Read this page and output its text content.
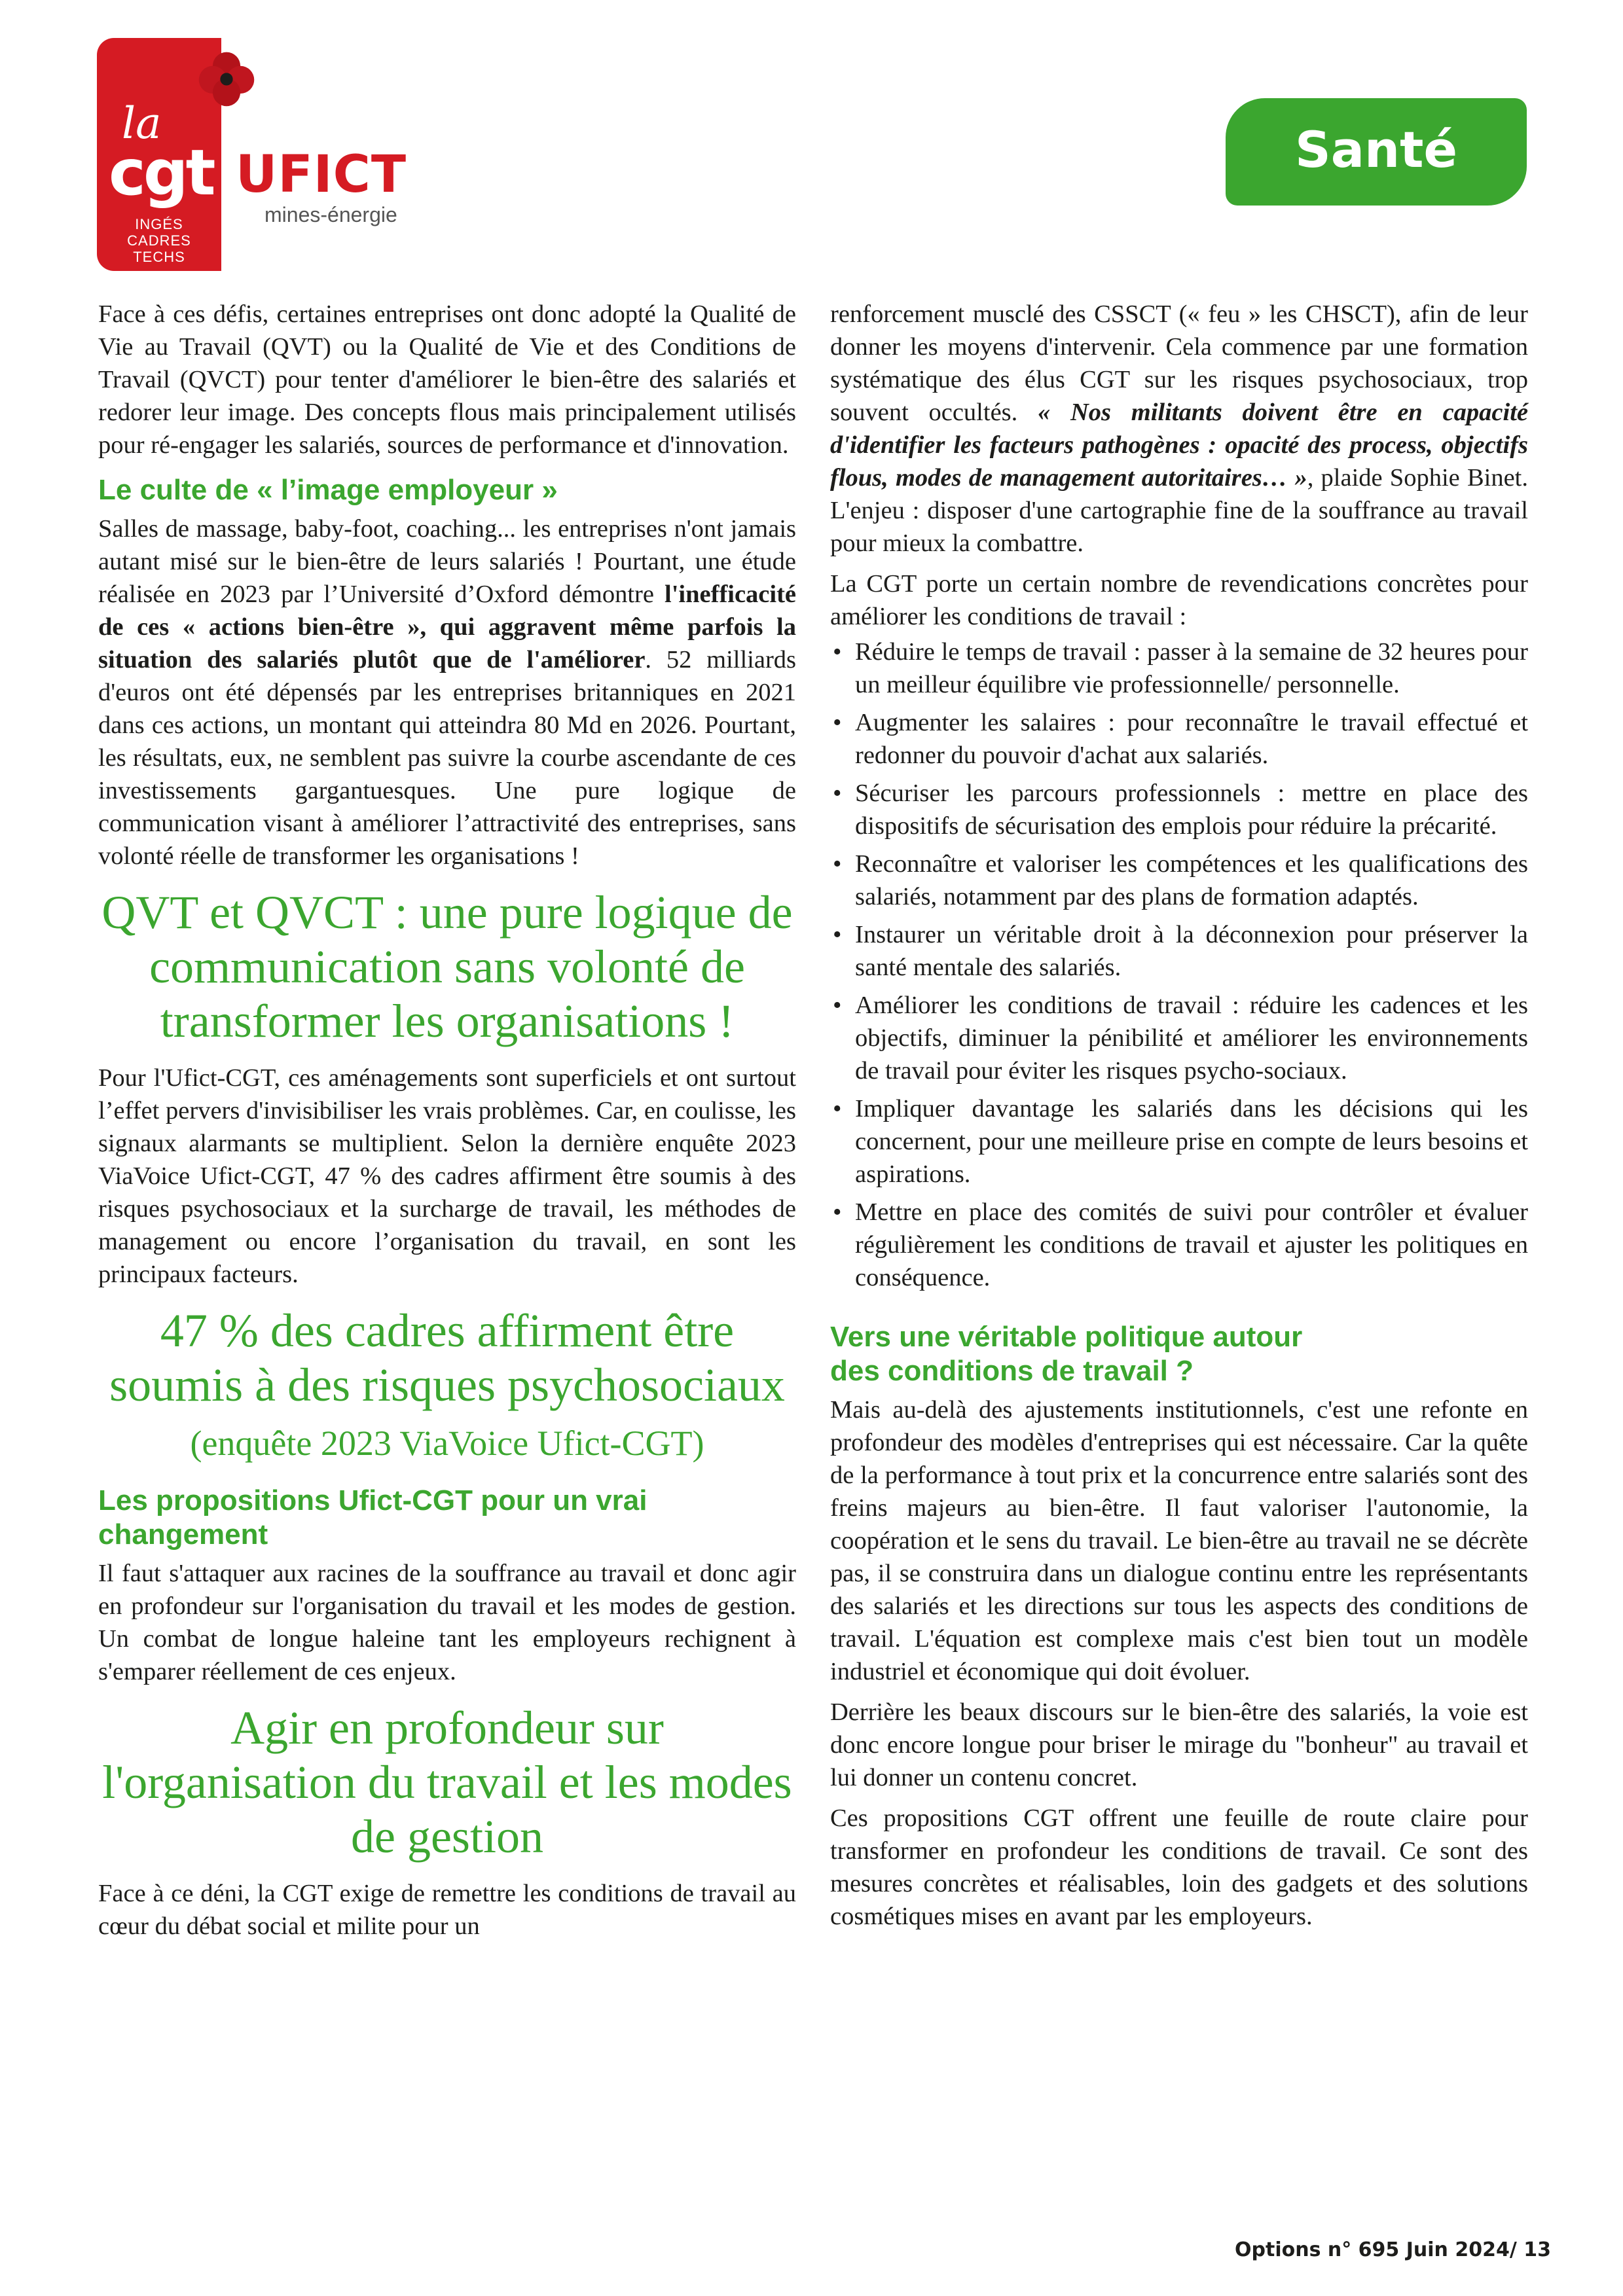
la
cgt
INGÉS
CADRES
TECHS
UFICT
mines-énergie
Santé

Face à ces défis, certaines entreprises ont donc adopté la Qualité de Vie au Travail (QVT) ou la Qualité de Vie et des Conditions de Travail (QVCT) pour tenter d'améliorer le bien-être des salariés et redorer leur image. Des concepts flous mais principalement utilisés pour ré-engager les salariés, sources de performance et d'innovation.

Le culte de « l’image employeur »

Salles de massage, baby-foot, coaching... les entreprises n'ont jamais autant misé sur le bien-être de leurs salariés ! Pourtant, une étude réalisée en 2023 par l’Université d’Oxford démontre l'inefficacité de ces « actions bien-être », qui aggravent même parfois la situation des salariés plutôt que de l'améliorer. 52 milliards d'euros ont été dépensés par les entreprises britanniques en 2021 dans ces actions, un montant qui atteindra 80 Md en 2026. Pourtant, les résultats, eux, ne semblent pas suivre la courbe ascendante de ces investissements gargantuesques. Une pure logique de communication visant à améliorer l’attractivité des entreprises, sans volonté réelle de transformer les organisations !

QVT et QVCT : une pure logique de communication sans volonté de transformer les organisations !

Pour l'Ufict-CGT, ces aménagements sont superficiels et ont surtout l’effet pervers d'invisibiliser les vrais problèmes. Car, en coulisse, les signaux alarmants se multiplient. Selon la dernière enquête 2023 ViaVoice Ufict-CGT, 47 % des cadres affirment être soumis à des risques psychosociaux et la surcharge de travail, les méthodes de management ou encore l’organisation du travail, en sont les principaux facteurs.

47 % des cadres affirment être soumis à des risques psychosociaux (enquête 2023 ViaVoice Ufict-CGT)
Les propositions Ufict-CGT pour un vrai changement

Il faut s'attaquer aux racines de la souffrance au travail et donc agir en profondeur sur l'organisation du travail et les modes de gestion. Un combat de longue haleine tant les employeurs rechignent à s'emparer réellement de ces enjeux.

Agir en profondeur sur l'organisation du travail et les modes de gestion

Face à ce déni, la CGT exige de remettre les conditions de travail au cœur du débat social et milite pour un

renforcement musclé des CSSCT (« feu » les CHSCT), afin de leur donner les moyens d'intervenir. Cela commence par une formation systématique des élus CGT sur les risques psychosociaux, trop souvent occultés. « Nos militants doivent être en capacité d'identifier les facteurs pathogènes : opacité des process, objectifs flous, modes de management autoritaires… », plaide Sophie Binet. L'enjeu : disposer d'une cartographie fine de la souffrance au travail pour mieux la combattre.

La CGT porte un certain nombre de revendications concrètes pour améliorer les conditions de travail :

• Réduire le temps de travail : passer à la semaine de 32 heures pour un meilleur équilibre vie professionnelle/ personnelle.
• Augmenter les salaires : pour reconnaître le travail effectué et redonner du pouvoir d'achat aux salariés.
• Sécuriser les parcours professionnels : mettre en place des dispositifs de sécurisation des emplois pour réduire la précarité.
• Reconnaître et valoriser les compétences et les qualifications des salariés, notamment par des plans de formation adaptés.
• Instaurer un véritable droit à la déconnexion pour préserver la santé mentale des salariés.
• Améliorer les conditions de travail : réduire les cadences et les objectifs, diminuer la pénibilité et améliorer les environnements de travail pour éviter les risques psycho-sociaux.
• Impliquer davantage les salariés dans les décisions qui les concernent, pour une meilleure prise en compte de leurs besoins et aspirations.
• Mettre en place des comités de suivi pour contrôler et évaluer régulièrement les conditions de travail et ajuster les politiques en conséquence.
Vers une véritable politique autour
des conditions de travail ?

Mais au-delà des ajustements institutionnels, c'est une refonte en profondeur des modèles d'entreprises qui est nécessaire. Car la quête de la performance à tout prix et la concurrence entre salariés sont des freins majeurs au bien-être. Il faut valoriser l'autonomie, la coopération et le sens du travail. Le bien-être au travail ne se décrète pas, il se construira dans un dialogue continu entre les représentants des salariés et les directions sur tous les aspects des conditions de travail. L'équation est complexe mais c'est bien tout un modèle industriel et économique qui doit évoluer.

Derrière les beaux discours sur le bien-être des salariés, la voie est donc encore longue pour briser le mirage du "bonheur" au travail et lui donner un contenu concret.

Ces propositions CGT offrent une feuille de route claire pour transformer en profondeur les conditions de travail. Ce sont des mesures concrètes et réalisables, loin des gadgets et des solutions cosmétiques mises en avant par les employeurs.

Options n° 695 Juin 2024/ 13
